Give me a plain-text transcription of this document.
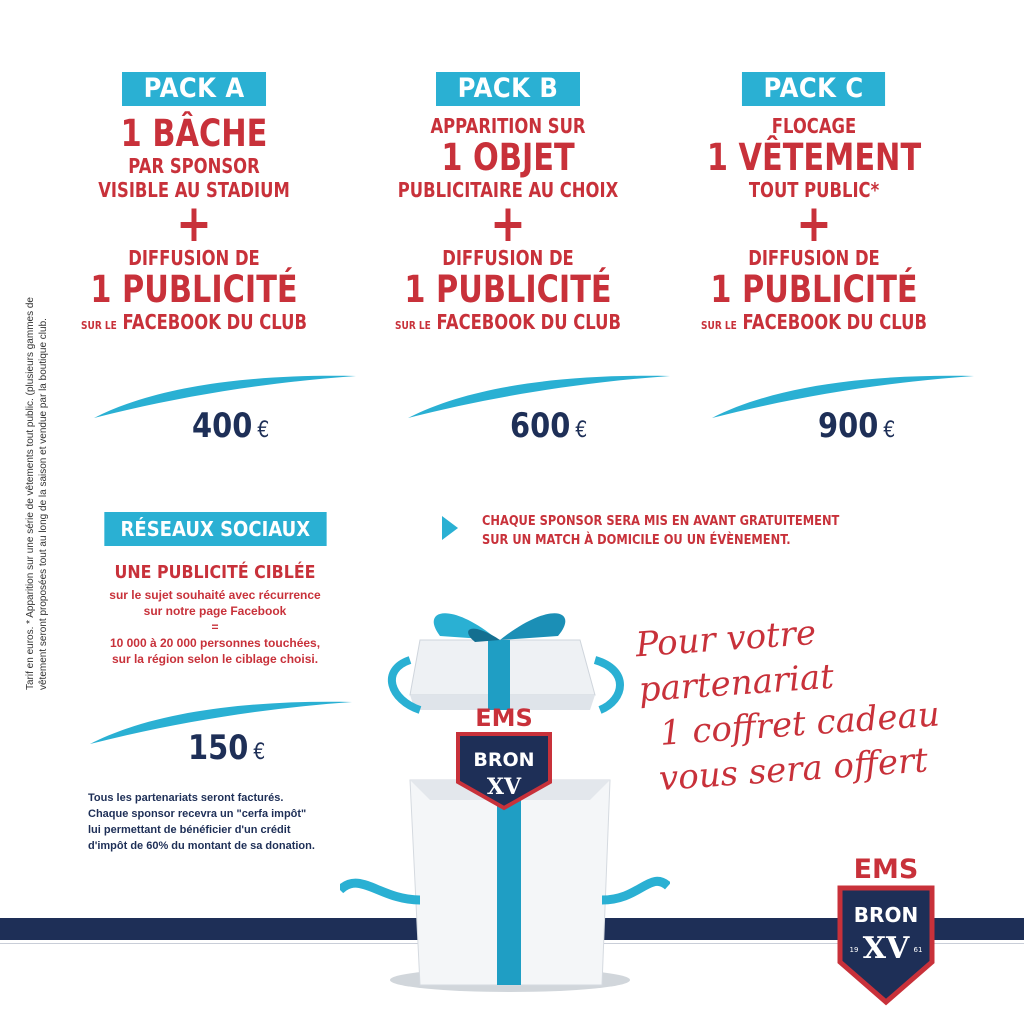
Tarif en euros. * Apparition sur une série de vêtements tout public. (plusieurs gammes de vêtement seront proposées tout au long de la saison et vendue par la boutique club.
PACK A
1 BÂCHE
PAR SPONSOR
VISIBLE AU STADIUM
+
DIFFUSION DE
1 PUBLICITÉ
SUR LE FACEBOOK DU CLUB
PACK B
APPARITION SUR
1 OBJET
PUBLICITAIRE AU CHOIX
+
DIFFUSION DE
1 PUBLICITÉ
SUR LE FACEBOOK DU CLUB
PACK C
FLOCAGE
1 VÊTEMENT
TOUT PUBLIC*
+
DIFFUSION DE
1 PUBLICITÉ
SUR LE FACEBOOK DU CLUB
400 €	600 €	900 €
RÉSEAUX SOCIAUX
UNE PUBLICITÉ CIBLÉE
sur le sujet souhaité avec récurrence
sur notre page Facebook
=
10 000 à 20 000 personnes touchées,
sur la région selon le ciblage choisi.
150 €
Tous les partenariats seront facturés.
Chaque sponsor recevra un "cerfa impôt"
lui permettant de bénéficier d'un crédit
d'impôt de 60% du montant de sa donation.
CHAQUE SPONSOR SERA MIS EN AVANT GRATUITEMENT
SUR UN MATCH À DOMICILE OU UN ÉVÈNEMENT.
Pour votre partenariat
1 coffret cadeau
vous sera offert
EMS
BRON
XV
EMS
BRON
XV
19	61
